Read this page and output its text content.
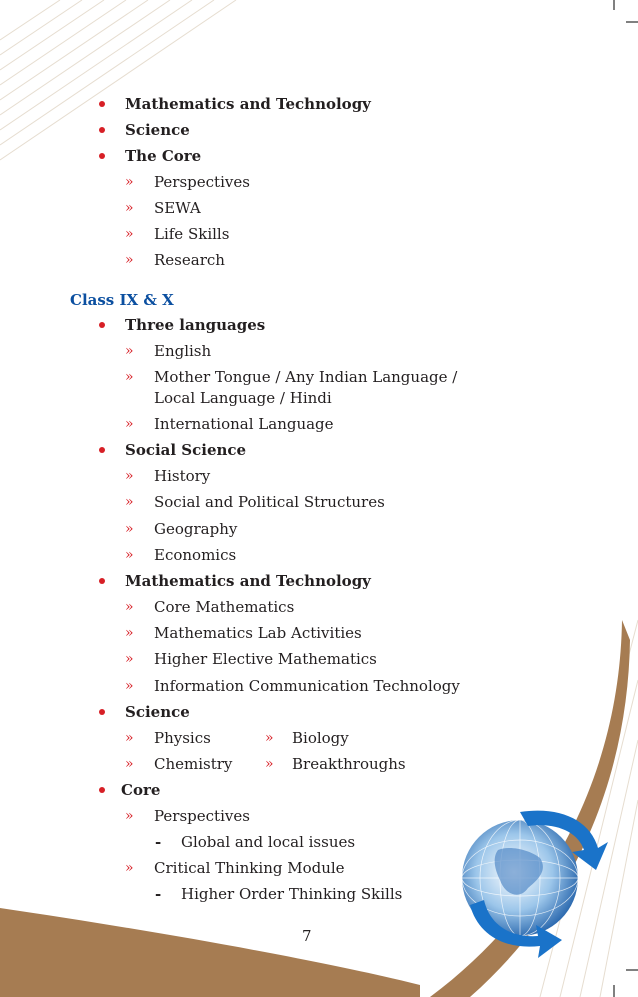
Mathematics and Technology
Science
The Core
» Perspectives
» SEWA
» Life Skills
» Research
Class IX & X
Three languages
» English
» Mother Tongue / Any Indian Language /
Local Language / Hindi
» International Language
Social Science
» History
» Social and Political Structures
» Geography
» Economics
Mathematics and Technology
» Core Mathematics
» Mathematics Lab Activities
» Higher Elective Mathematics
» Information Communication Technology
Science
» Physics	» Biology
» Chemistry » Breakthroughs
Core
» Perspectives
- Global and local issues
» Critical Thinking Module
- Higher Order Thinking Skills
7
